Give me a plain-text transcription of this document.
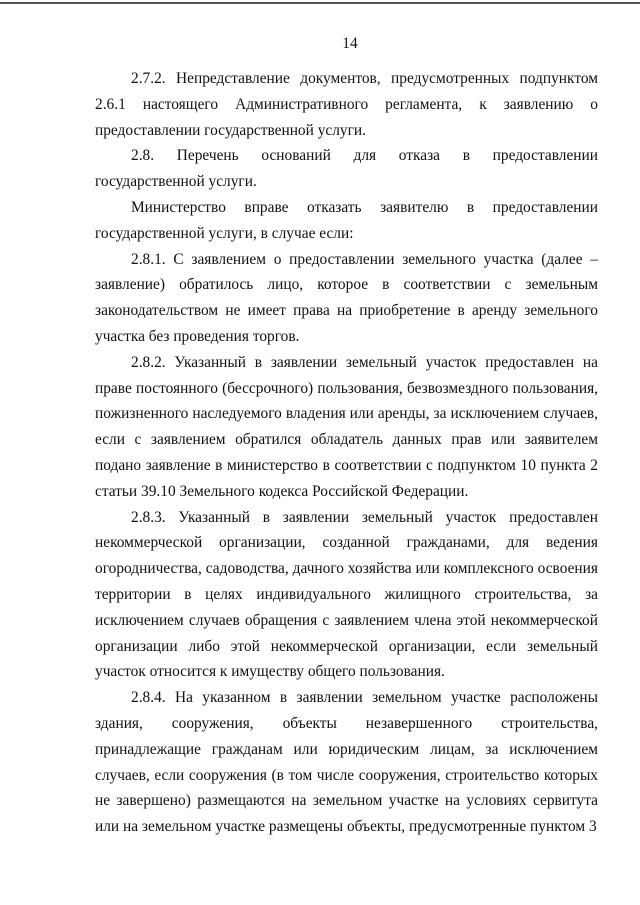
14

2.7.2. Непредставление документов, предусмотренных подпунктом 2.6.1 настоящего Административного регламента, к заявлению о предоставлении государственной услуги.

2.8. Перечень оснований для отказа в предоставлении государственной услуги.

Министерство вправе отказать заявителю в предоставлении государственной услуги, в случае если:

2.8.1. С заявлением о предоставлении земельного участка (далее – заявление) обратилось лицо, которое в соответствии с земельным законодательством не имеет права на приобретение в аренду земельного участка без проведения торгов.

2.8.2. Указанный в заявлении земельный участок предоставлен на праве постоянного (бессрочного) пользования, безвозмездного пользования, пожизненного наследуемого владения или аренды, за исключением случаев, если с заявлением обратился обладатель данных прав или заявителем подано заявление в министерство в соответствии с подпунктом 10 пункта 2 статьи 39.10 Земельного кодекса Российской Федерации.

2.8.3. Указанный в заявлении земельный участок предоставлен некоммерческой организации, созданной гражданами, для ведения огородничества, садоводства, дачного хозяйства или комплексного освоения территории в целях индивидуального жилищного строительства, за исключением случаев обращения с заявлением члена этой некоммерческой организации либо этой некоммерческой организации, если земельный участок относится к имуществу общего пользования.

2.8.4. На указанном в заявлении земельном участке расположены здания, сооружения, объекты незавершенного строительства, принадлежащие гражданам или юридическим лицам, за исключением случаев, если сооружения (в том числе сооружения, строительство которых не завершено) размещаются на земельном участке на условиях сервитута или на земельном участке размещены объекты, предусмотренные пунктом 3
